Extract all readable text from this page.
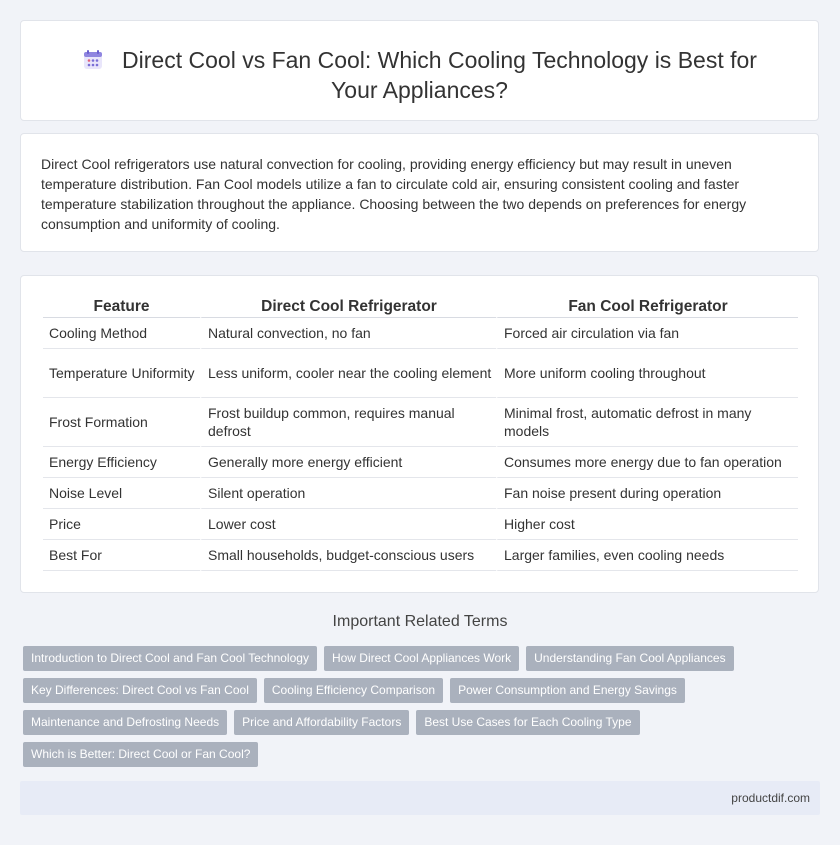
Direct Cool vs Fan Cool: Which Cooling Technology is Best for Your Appliances?

Direct Cool refrigerators use natural convection for cooling, providing energy efficiency but may result in uneven temperature distribution. Fan Cool models utilize a fan to circulate cold air, ensuring consistent cooling and faster temperature stabilization throughout the appliance. Choosing between the two depends on preferences for energy consumption and uniformity of cooling.

Feature	Direct Cool Refrigerator	Fan Cool Refrigerator
Cooling Method	Natural convection, no fan	Forced air circulation via fan
Temperature Uniformity	Less uniform, cooler near the cooling element	More uniform cooling throughout
Frost Formation	Frost buildup common, requires manual defrost	Minimal frost, automatic defrost in many models
Energy Efficiency	Generally more energy efficient	Consumes more energy due to fan operation
Noise Level	Silent operation	Fan noise present during operation
Price	Lower cost	Higher cost
Best For	Small households, budget-conscious users	Larger families, even cooling needs
Important Related Terms
Introduction to Direct Cool and Fan Cool Technology	How Direct Cool Appliances Work	Understanding Fan Cool Appliances
Key Differences: Direct Cool vs Fan Cool	Cooling Efficiency Comparison	Power Consumption and Energy Savings
Maintenance and Defrosting Needs	Price and Affordability Factors	Best Use Cases for Each Cooling Type
Which is Better: Direct Cool or Fan Cool?
productdif.com
